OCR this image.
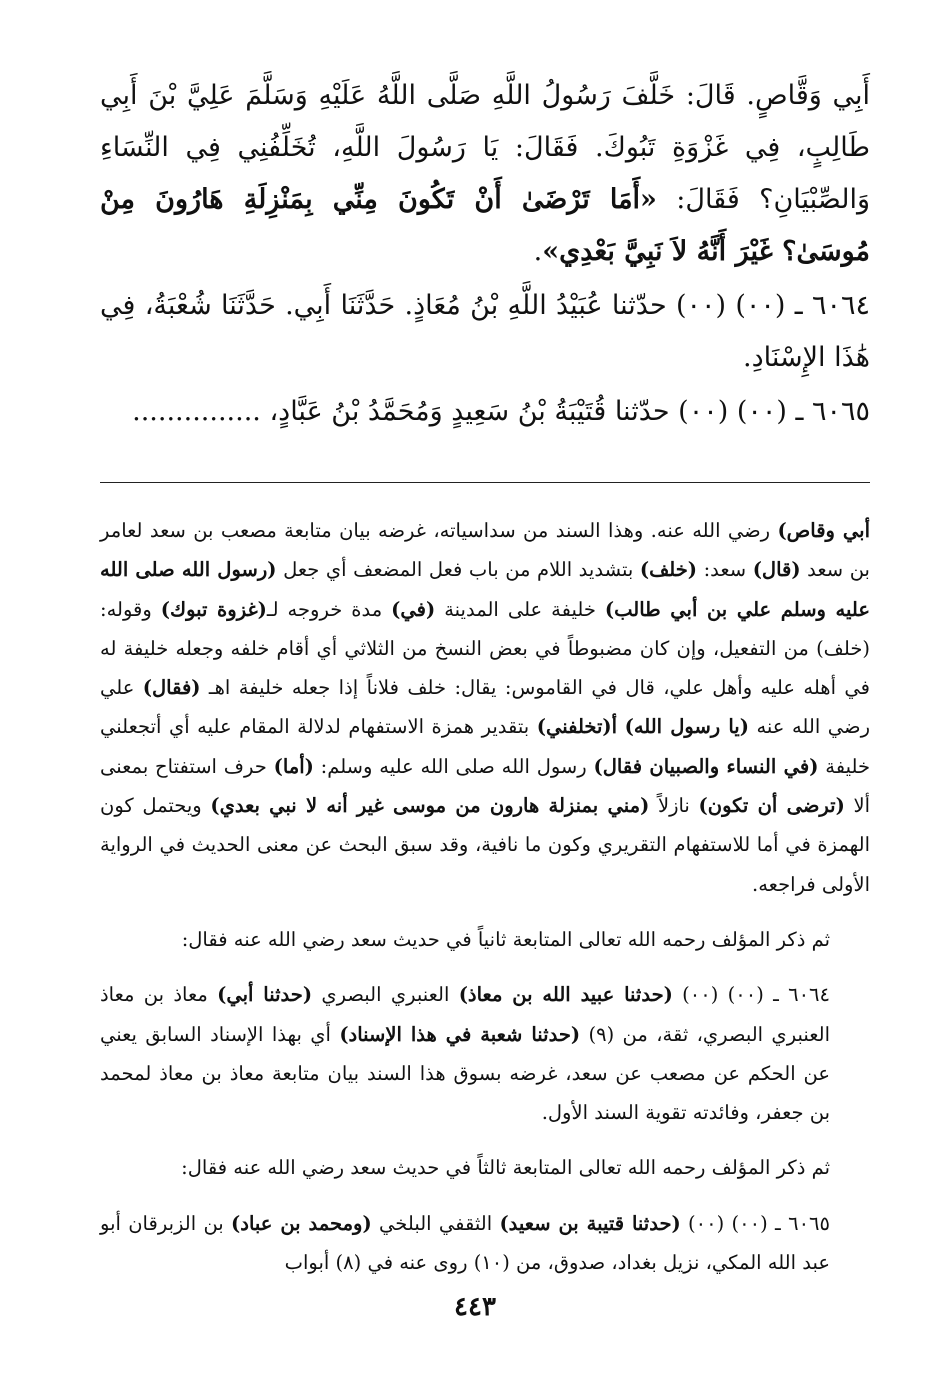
أَبِي وَقَّاصٍ. قَالَ: خَلَّفَ رَسُولُ اللَّهِ صَلَّى اللَّهُ عَلَيْهِ وَسَلَّمَ عَلِيَّ بْنَ أَبِي طَالِبٍ، فِي غَزْوَةِ تَبُوكَ. فَقَالَ: يَا رَسُولَ اللَّهِ، تُخَلِّفُنِي فِي النِّسَاءِ وَالصِّبْيَانِ؟ فَقَالَ: «أَمَا تَرْضَىٰ أَنْ تَكُونَ مِنِّي بِمَنْزِلَةِ هَارُونَ مِنْ مُوسَىٰ؟ غَيْرَ أَنَّهُ لاَ نَبِيَّ بَعْدِي».

٦٠٦٤ ـ (٠٠) (٠٠) حدّثنا عُبَيْدُ اللَّهِ بْنُ مُعَاذٍ. حَدَّثَنَا أَبِي. حَدَّثَنَا شُعْبَةُ، فِي هَٰذَا الإِسْنَادِ.

٦٠٦٥ ـ (٠٠) (٠٠) حدّثنا قُتَيْبَةُ بْنُ سَعِيدٍ وَمُحَمَّدُ بْنُ عَبَّادٍ، ...............

أبي وقاص) رضي الله عنه. وهذا السند من سداسياته، غرضه بيان متابعة مصعب بن سعد لعامر بن سعد (قال) سعد: (خلف) بتشديد اللام من باب فعل المضعف أي جعل (رسول الله صلى الله عليه وسلم علي بن أبي طالب) خليفة على المدينة (في) مدة خروجه لـ(غزوة تبوك) وقوله: (خلف) من التفعيل، وإن كان مضبوطاً في بعض النسخ من الثلاثي أي أقام خلفه وجعله خليفة له في أهله عليه وأهل علي، قال في القاموس: يقال: خلف فلاناً إذا جعله خليفة اهـ (فقال) علي رضي الله عنه (يا رسول الله) أ(تخلفني) بتقدير همزة الاستفهام لدلالة المقام عليه أي أتجعلني خليفة (في النساء والصبيان فقال) رسول الله صلى الله عليه وسلم: (أما) حرف استفتاح بمعنى ألا (ترضى أن تكون) نازلاً (مني بمنزلة هارون من موسى غير أنه لا نبي بعدي) ويحتمل كون الهمزة في أما للاستفهام التقريري وكون ما نافية، وقد سبق البحث عن معنى الحديث في الرواية الأولى فراجعه.

ثم ذكر المؤلف رحمه الله تعالى المتابعة ثانياً في حديث سعد رضي الله عنه فقال:

٦٠٦٤ ـ (٠٠) (٠٠) (حدثنا عبيد الله بن معاذ) العنبري البصري (حدثنا أبي) معاذ بن معاذ العنبري البصري، ثقة، من (٩) (حدثنا شعبة في هذا الإسناد) أي بهذا الإسناد السابق يعني عن الحكم عن مصعب عن سعد، غرضه بسوق هذا السند بيان متابعة معاذ بن معاذ لمحمد بن جعفر، وفائدته تقوية السند الأول.

ثم ذكر المؤلف رحمه الله تعالى المتابعة ثالثاً في حديث سعد رضي الله عنه فقال:

٦٠٦٥ ـ (٠٠) (٠٠) (حدثنا قتيبة بن سعيد) الثقفي البلخي (ومحمد بن عباد) بن الزبرقان أبو عبد الله المكي، نزيل بغداد، صدوق، من (١٠) روى عنه في (٨) أبواب

٤٤٣
